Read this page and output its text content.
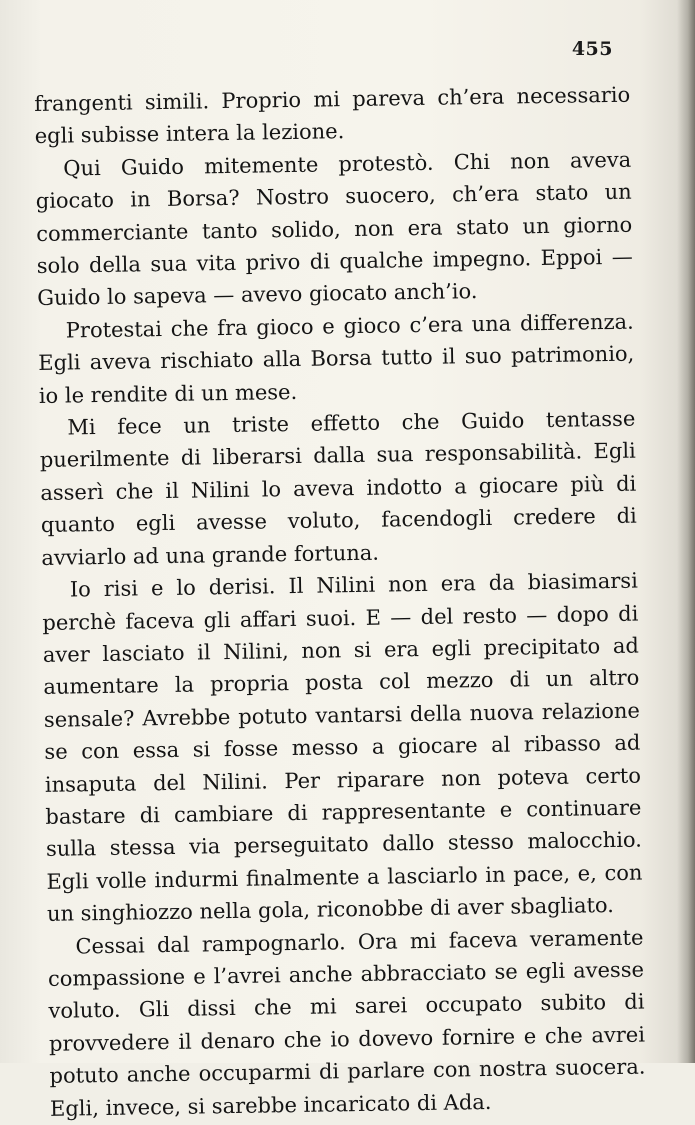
455

frangenti simili. Proprio mi pareva ch’era necessario egli subisse intera la lezione.

Qui Guido mitemente protestò. Chi non aveva giocato in Borsa? Nostro suocero, ch’era stato un commerciante tanto solido, non era stato un giorno solo della sua vita privo di qualche impegno. Eppoi — Guido lo sapeva — avevo giocato anch’io.

Protestai che fra gioco e gioco c’era una differenza. Egli aveva rischiato alla Borsa tutto il suo patrimonio, io le rendite di un mese.

Mi fece un triste effetto che Guido tentasse puerilmente di liberarsi dalla sua responsabilità. Egli asserì che il Nilini lo aveva indotto a giocare più di quanto egli avesse voluto, facendogli credere di avviarlo ad una grande fortuna.

Io risi e lo derisi. Il Nilini non era da biasimarsi perchè faceva gli affari suoi. E — del resto — dopo di aver lasciato il Nilini, non si era egli precipitato ad aumentare la propria posta col mezzo di un altro sensale? Avrebbe potuto vantarsi della nuova relazione se con essa si fosse messo a giocare al ribasso ad insaputa del Nilini. Per riparare non poteva certo bastare di cambiare di rappresentante e continuare sulla stessa via perseguitato dallo stesso malocchio. Egli volle indurmi finalmente a lasciarlo in pace, e, con un singhiozzo nella gola, riconobbe di aver sbagliato.

Cessai dal rampognarlo. Ora mi faceva veramente compassione e l’avrei anche abbracciato se egli avesse voluto. Gli dissi che mi sarei occupato subito di provvedere il denaro che io dovevo fornire e che avrei potuto anche occuparmi di parlare con nostra suocera. Egli, invece, si sarebbe incaricato di Ada.
